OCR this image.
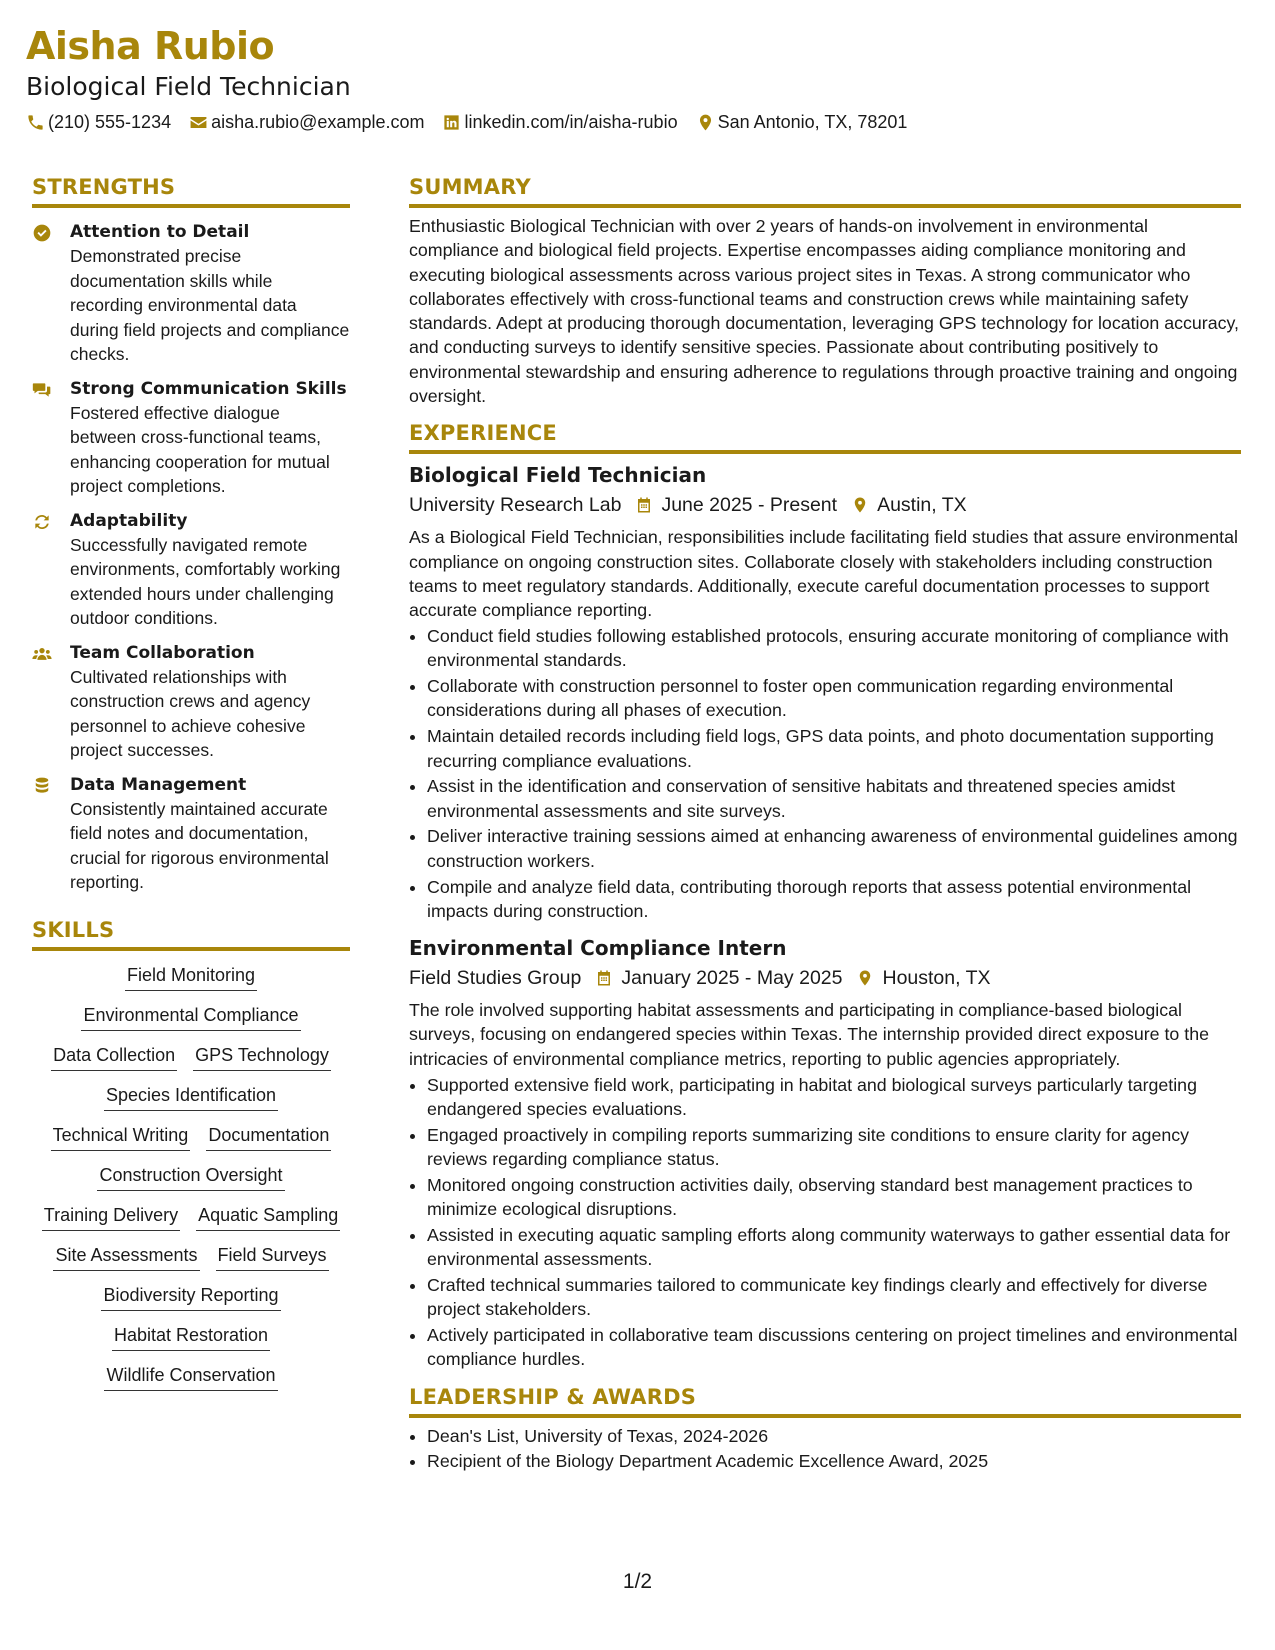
Aisha Rubio
Biological Field Technician
(210) 555-1234 aisha.rubio@example.com linkedin.com/in/aisha-rubio San Antonio, TX, 78201
STRENGTHS
Attention to Detail
Demonstrated precise documentation skills while recording environmental data during field projects and compliance checks.
Strong Communication Skills
Fostered effective dialogue between cross-functional teams, enhancing cooperation for mutual project completions.
Adaptability
Successfully navigated remote environments, comfortably working extended hours under challenging outdoor conditions.
Team Collaboration
Cultivated relationships with construction crews and agency personnel to achieve cohesive project successes.
Data Management
Consistently maintained accurate field notes and documentation, crucial for rigorous environmental reporting.
SKILLS
Field Monitoring
Environmental Compliance
Data Collection GPS Technology
Species Identification
Technical Writing Documentation
Construction Oversight
Training Delivery Aquatic Sampling
Site Assessments Field Surveys
Biodiversity Reporting
Habitat Restoration
Wildlife Conservation
SUMMARY
Enthusiastic Biological Technician with over 2 years of hands-on involvement in environmental compliance and biological field projects. Expertise encompasses aiding compliance monitoring and executing biological assessments across various project sites in Texas. A strong communicator who collaborates effectively with cross-functional teams and construction crews while maintaining safety standards. Adept at producing thorough documentation, leveraging GPS technology for location accuracy, and conducting surveys to identify sensitive species. Passionate about contributing positively to environmental stewardship and ensuring adherence to regulations through proactive training and ongoing oversight.
EXPERIENCE
Biological Field Technician
University Research Lab June 2025 - Present Austin, TX
As a Biological Field Technician, responsibilities include facilitating field studies that assure environmental compliance on ongoing construction sites. Collaborate closely with stakeholders including construction teams to meet regulatory standards. Additionally, execute careful documentation processes to support accurate compliance reporting.
• Conduct field studies following established protocols, ensuring accurate monitoring of compliance with environmental standards.
• Collaborate with construction personnel to foster open communication regarding environmental considerations during all phases of execution.
• Maintain detailed records including field logs, GPS data points, and photo documentation supporting recurring compliance evaluations.
• Assist in the identification and conservation of sensitive habitats and threatened species amidst environmental assessments and site surveys.
• Deliver interactive training sessions aimed at enhancing awareness of environmental guidelines among construction workers.
• Compile and analyze field data, contributing thorough reports that assess potential environmental impacts during construction.
Environmental Compliance Intern
Field Studies Group January 2025 - May 2025 Houston, TX
The role involved supporting habitat assessments and participating in compliance-based biological surveys, focusing on endangered species within Texas. The internship provided direct exposure to the intricacies of environmental compliance metrics, reporting to public agencies appropriately.
• Supported extensive field work, participating in habitat and biological surveys particularly targeting endangered species evaluations.
• Engaged proactively in compiling reports summarizing site conditions to ensure clarity for agency reviews regarding compliance status.
• Monitored ongoing construction activities daily, observing standard best management practices to minimize ecological disruptions.
• Assisted in executing aquatic sampling efforts along community waterways to gather essential data for environmental assessments.
• Crafted technical summaries tailored to communicate key findings clearly and effectively for diverse project stakeholders.
• Actively participated in collaborative team discussions centering on project timelines and environmental compliance hurdles.
LEADERSHIP & AWARDS
• Dean's List, University of Texas, 2024-2026
• Recipient of the Biology Department Academic Excellence Award, 2025
1/2
